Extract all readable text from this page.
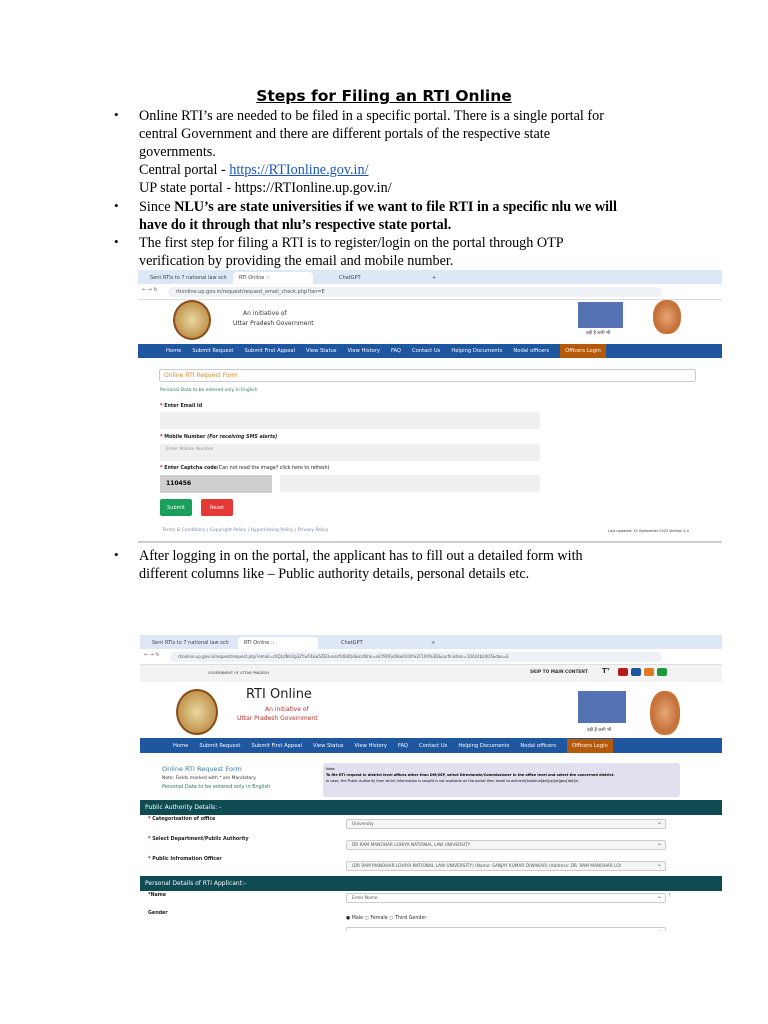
Steps for Filing an RTI Online
• Online RTI’s are needed to be filed in a specific portal. There is a single portal for
central Government and there are different portals of the respective state
governments.
Central portal - https://RTIonline.gov.in/
UP state portal - https://RTIonline.up.gov.in/
• Since NLU’s are state universities if we want to file RTI in a specific nlu we will
have do it through that nlu’s respective state portal.
• The first step for filing a RTI is to register/login on the portal through OTP
verification by providing the email and mobile number.
Sent RTIs to 7 national law sch	RTI Online ::	ChatGPT	+
← → ↻	rtionline.up.gov.in/request/request_email_check.php?lan=E
An initiative of
Uttar Pradesh Government
वही है कमी भी
Home Submit Request Submit First Appeal View Status View History FAQ Contact Us Helping Documents Nodal officers	Officers Login
Online RTI Request Form
Personal Data to be entered only in English
* Enter Email Id
* Mobile Number (For receiving SMS alerts)
Enter Mobile Number
* Enter Captcha code(Can not read the image? click here to refresh)
110456
Submit	Reset
Terms & Conditions | Copyright Policy | Hyperlinking Policy | Privacy Policy	Last updated: 15 September 2023 Version 4.0
• After logging in on the portal, the applicant has to fill out a detailed form with
different columns like – Public authority details, personal details etc.
Sent RTIs to 7 national law sch	RTI Online ::	ChatGPT	+
← → ↻	rtionline.up.gov.in/request/request.php?email=cXQLUNU2g3ZYwT4kw5ZEOunssfU0i8Qd&lcofkhk=eiCf9OFyOKw6100%2F1X0%3D&surfinishon=10024b2d07&dao=E
GOVERNMENT OF UTTAR PRADESH	SKIP TO MAIN CONTENT Tᵀ
RTI Online
An initiative of
Uttar Pradesh Government
वही है कमी भी
Home Submit Request Submit First Appeal View Status View History FAQ Contact Us Helping Documents Nodal officers	Officers Login
Online RTI Request Form
Note: Fields marked with * are Mandatory.
Personal Data to be entered only in English
Note:
To file RTI request in district level offices other than DM/SSP, select Directorate/Commissioner in the office level and select the concerned district.
In case, the Public Authority from which information is sought is not available on the portal then email to onlinerti[helpline]dot]up[at]gov[dot]in .
Public Authority Details: -
* Categorisation of office
University ⌄
* Select Department/Public Authority
DR RAM MANOHAR LOHIYA NATIONAL LAW UNIVERSITY ⌄
* Public Infromation Officer
(DR RAM MANOHAR LOHIYA NATIONAL LAW UNIVERSITY) (Name: SANJAY KUMAR DIWAKAR) (Address: DR. RAM MANOHAR LOI ⌄
Personal Details of RTI Applicant:-
*Name
Enter Name ⌄	?
Gender
● Male ○ Female ○ Third Gender
⌄
